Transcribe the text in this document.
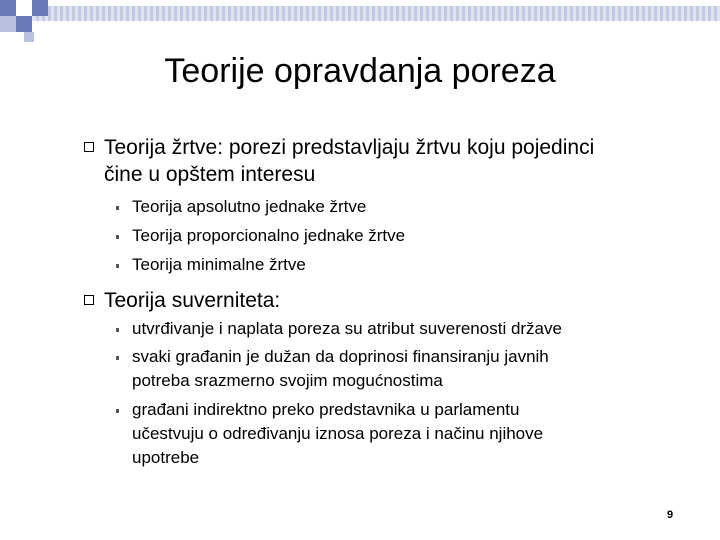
Teorije opravdanja poreza
Teorija žrtve: porezi predstavljaju žrtvu koju pojedinci
čine u opštem interesu
Teorija apsolutno jednake žrtve
Teorija proporcionalno jednake žrtve
Teorija minimalne žrtve
Teorija suverniteta:
utvrđivanje i naplata poreza su atribut suverenosti države
svaki građanin je dužan da doprinosi finansiranju javnih
potreba srazmerno svojim mogućnostima
građani indirektno preko predstavnika u parlamentu
učestvuju o određivanju iznosa poreza i načinu njihove
upotrebe
9
